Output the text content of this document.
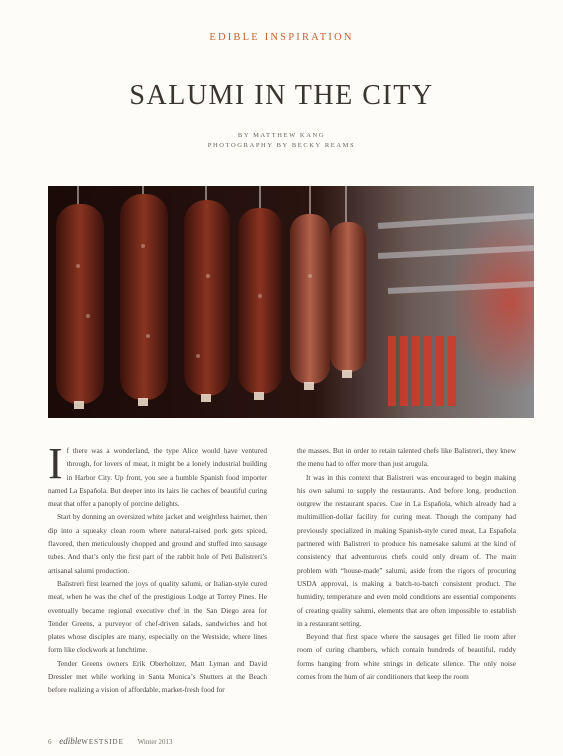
EDIBLE INSPIRATION
SALUMI IN THE CITY
BY MATTHEW KANG
PHOTOGRAPHY BY BECKY REAMS

If there was a wonderland, the type Alice would have ventured through, for lovers of meat, it might be a lonely industrial building in Harbor City. Up front, you see a humble Spanish food importer named La Española. But deeper into its lairs lie caches of beautiful curing meat that offer a panoply of porcine delights.

Start by donning an oversized white jacket and weightless hairnet, then dip into a squeaky clean room where natural-raised pork gets spiced, flavored, then meticulously chopped and ground and stuffed into sausage tubes. And that’s only the first part of the rabbit hole of Peti Balistreri’s artisanal salumi production.

Balistreri first learned the joys of quality salumi, or Italian-style cured meat, when he was the chef of the prestigious Lodge at Torrey Pines. He eventually became regional executive chef in the San Diego area for Tender Greens, a purveyor of chef-driven salads, sandwiches and hot plates whose disciples are many, especially on the Westside, where lines form like clockwork at lunchtime.

Tender Greens owners Erik Oberholtzer, Matt Lyman and David Dressler met while working in Santa Monica’s Shutters at the Beach before realizing a vision of affordable, market-fresh food for

the masses. But in order to retain talented chefs like Balistreri, they knew the menu had to offer more than just arugula.

It was in this context that Balistreri was encouraged to begin making his own salumi to supply the restaurants. And before long, production outgrew the restaurant spaces. Cue in La Española, which already had a multimillion-dollar facility for curing meat. Though the company had previously specialized in making Spanish-style cured meat, La Española partnered with Balistreri to produce his namesake salumi at the kind of consistency that adventurous chefs could only dream of. The main problem with “house-made” salumi, aside from the rigors of procuring USDA approval, is making a batch-to-batch consistent product. The humidity, temperature and even mold conditions are essential components of creating quality salumi, elements that are often impossible to establish in a restaurant setting.

Beyond that first space where the sausages get filled lie room after room of curing chambers, which contain hundreds of beautiful, ruddy forms hanging from white strings in delicate silence. The only noise comes from the hum of air conditioners that keep the room

6 edibleWESTSIDE Winter 2013
